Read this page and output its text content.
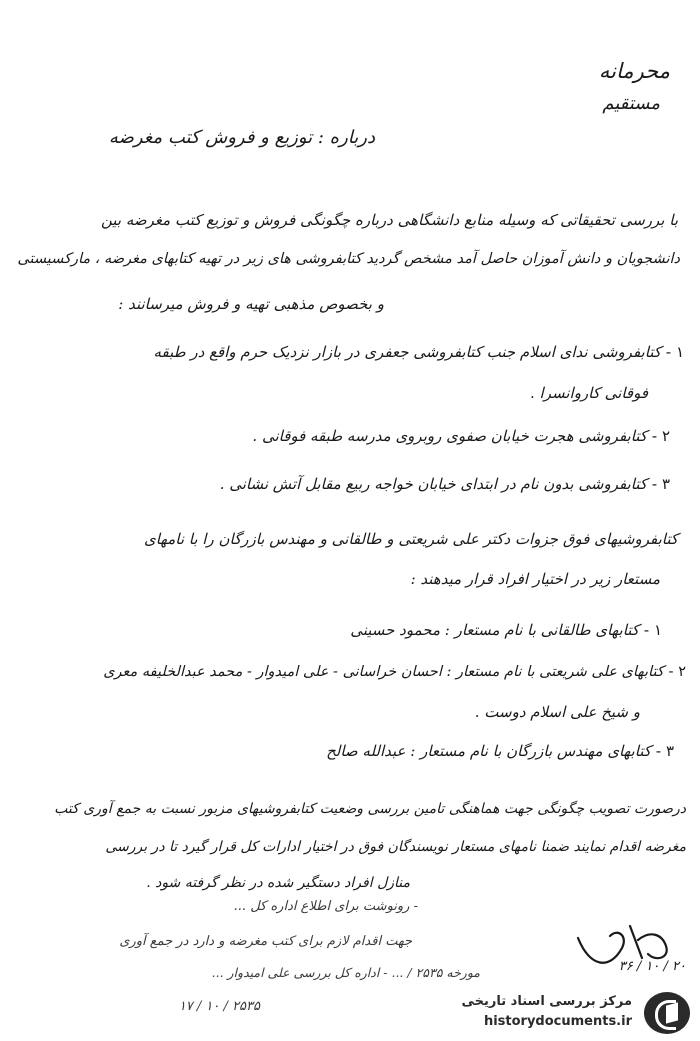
محرمانه
مستقیم
درباره : توزیع و فروش کتب مغرضه
با بررسی تحقیقاتی که وسیله منابع دانشگاهی درباره چگونگی فروش و توزیع کتب مغرضه بین
دانشجویان و دانش آموزان حاصل آمد مشخص گردید کتابفروشی های زیر در تهیه کتابهای مغرضه ، مارکسیستی
و بخصوص مذهبی تهیه و فروش میرسانند :
۱ - کتابفروشی ندای اسلام جنب کتابفروشی جعفری در بازار نزدیک حرم واقع در طبقه
فوقانی کاروانسرا .
۲ - کتابفروشی هجرت خیابان صفوی روبروی مدرسه طبقه فوقانی .
۳ - کتابفروشی بدون نام در ابتدای خیابان خواجه ربیع مقابل آتش نشانی .
کتابفروشیهای فوق جزوات دکتر علی شریعتی و طالقانی و مهندس بازرگان را با نامهای
مستعار زیر در اختیار افراد قرار میدهند :
۱ - کتابهای طالقانی با نام مستعار : محمود حسینی
۲ - کتابهای علی شریعتی با نام مستعار : احسان خراسانی - علی امیدوار - محمد عبدالخلیفه معری
و شیخ علی اسلام دوست .
۳ - کتابهای مهندس بازرگان با نام مستعار : عبدالله صالح
درصورت تصویب چگونگی جهت هماهنگی تامین بررسی وضعیت کتابفروشیهای مزبور نسبت به جمع آوری کتب
مغرضه اقدام نمایند ضمنا نامهای مستعار نویسندگان فوق در اختیار ادارات کل قرار گیرد تا در بررسی
منازل افراد دستگیر شده در نظر گرفته شود .
- رونوشت برای اطلاع اداره کل ...
جهت اقدام لازم برای کتب مغرضه و دارد در جمع آوری
مورخه ۲۵۳۵ / ... - اداره کل بررسی علی امیدوار ...
۲۵۳۵ / ۱۰ / ۱۷
۲۰ / ۱۰ / ۳۶
مرکز بررسی اسناد تاریخی
historydocuments.ir
